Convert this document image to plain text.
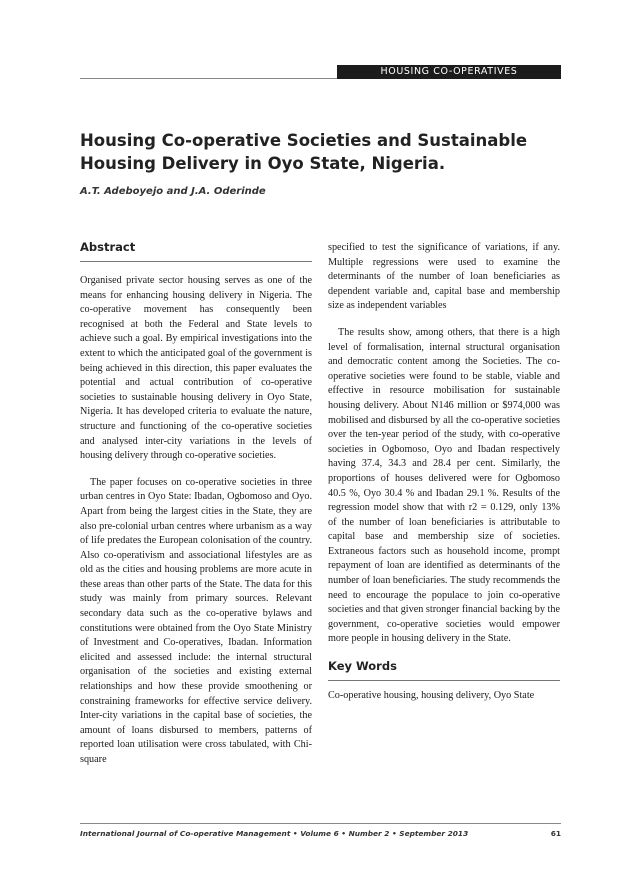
HOUSING CO-OPERATIVES
Housing Co-operative Societies and Sustainable Housing Delivery in Oyo State, Nigeria.

A.T. Adeboyejo and J.A. Oderinde

Abstract

Organised private sector housing serves as one of the means for enhancing housing delivery in Nigeria. The co-operative movement has consequently been recognised at both the Federal and State levels to achieve such a goal. By empirical investigations into the extent to which the anticipated goal of the government is being achieved in this direction, this paper evaluates the potential and actual contribution of co-operative societies to sustainable housing delivery in Oyo State, Nigeria. It has developed criteria to evaluate the nature, structure and functioning of the co-operative societies and analysed inter-city variations in the levels of housing delivery through co-operative societies.

The paper focuses on co-operative societies in three urban centres in Oyo State: Ibadan, Ogbomoso and Oyo. Apart from being the largest cities in the State, they are also pre-colonial urban centres where urbanism as a way of life predates the European colonisation of the country. Also co-operativism and associational lifestyles are as old as the cities and housing problems are more acute in these areas than other parts of the State. The data for this study was mainly from primary sources. Relevant secondary data such as the co-operative bylaws and constitutions were obtained from the Oyo State Ministry of Investment and Co-operatives, Ibadan. Information elicited and assessed include: the internal structural organisation of the societies and existing external relationships and how these provide smoothening or constraining frameworks for effective service delivery. Inter-city variations in the capital base of societies, the amount of loans disbursed to members, patterns of reported loan utilisation were cross tabulated, with Chi-square

specified to test the significance of variations, if any. Multiple regressions were used to examine the determinants of the number of loan beneficiaries as dependent variable and, capital base and membership size as independent variables

The results show, among others, that there is a high level of formalisation, internal structural organisation and democratic content among the Societies. The co-operative societies were found to be stable, viable and effective in resource mobilisation for sustainable housing delivery. About N146 million or $974,000 was mobilised and disbursed by all the co-operative societies over the ten-year period of the study, with co-operative societies in Ogbomoso, Oyo and Ibadan respectively having 37.4, 34.3 and 28.4 per cent. Similarly, the proportions of houses delivered were for Ogbomoso 40.5 %, Oyo 30.4 % and Ibadan 29.1 %. Results of the regression model show that with r2 = 0.129, only 13% of the number of loan beneficiaries is attributable to capital base and membership size of societies. Extraneous factors such as household income, prompt repayment of loan are identified as determinants of the number of loan beneficiaries. The study recommends the need to encourage the populace to join co-operative societies and that given stronger financial backing by the government, co-operative societies would empower more people in housing delivery in the State.

Key Words

Co-operative housing, housing delivery, Oyo State

International Journal of Co-operative Management • Volume 6 • Number 2 • September 2013	61
